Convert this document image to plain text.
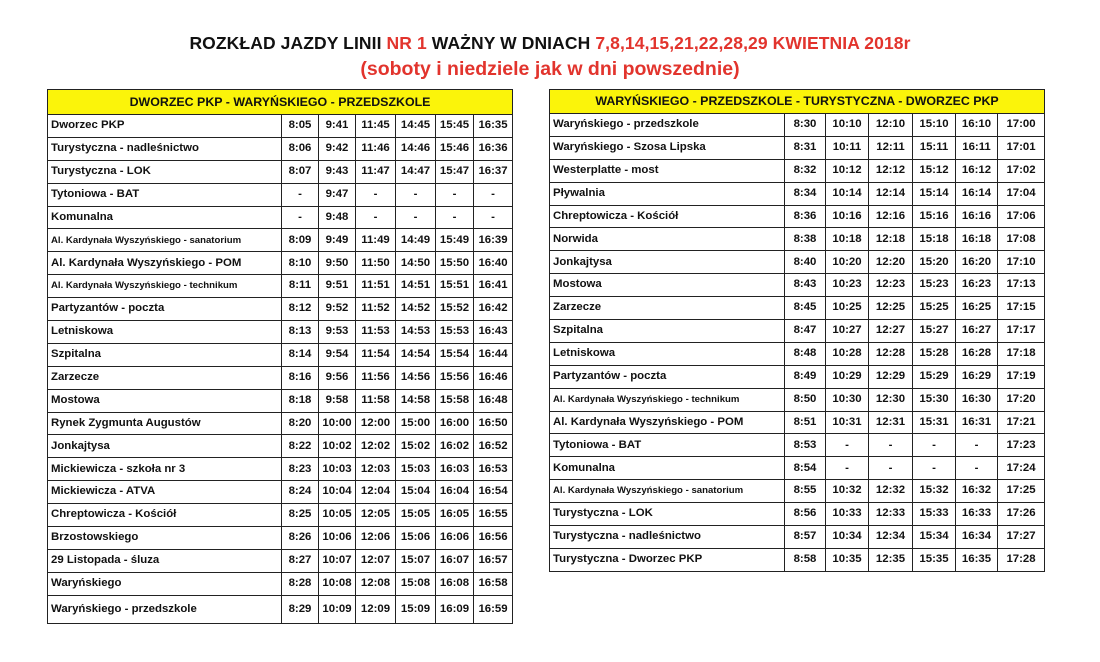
ROZKŁAD JAZDY LINII NR 1 WAŻNY W DNIACH 7,8,14,15,21,22,28,29 KWIETNIA 2018r
(soboty i niedziele jak w dni powszednie)
DWORZEC PKP - WARYŃSKIEGO - PRZEDSZKOLE						
Dworzec PKP	8:05	9:41	11:45	14:45	15:45	16:35
Turystyczna - nadleśnictwo	8:06	9:42	11:46	14:46	15:46	16:36
Turystyczna - LOK	8:07	9:43	11:47	14:47	15:47	16:37
Tytoniowa - BAT	-	9:47	-	-	-	-
Komunalna	-	9:48	-	-	-	-
Al. Kardynała Wyszyńskiego - sanatorium	8:09	9:49	11:49	14:49	15:49	16:39
Al. Kardynała Wyszyńskiego - POM	8:10	9:50	11:50	14:50	15:50	16:40
Al. Kardynała Wyszyńskiego - technikum	8:11	9:51	11:51	14:51	15:51	16:41
Partyzantów - poczta	8:12	9:52	11:52	14:52	15:52	16:42
Letniskowa	8:13	9:53	11:53	14:53	15:53	16:43
Szpitalna	8:14	9:54	11:54	14:54	15:54	16:44
Zarzecze	8:16	9:56	11:56	14:56	15:56	16:46
Mostowa	8:18	9:58	11:58	14:58	15:58	16:48
Rynek Zygmunta Augustów	8:20	10:00	12:00	15:00	16:00	16:50
Jonkajtysa	8:22	10:02	12:02	15:02	16:02	16:52
Mickiewicza - szkoła nr 3	8:23	10:03	12:03	15:03	16:03	16:53
Mickiewicza - ATVA	8:24	10:04	12:04	15:04	16:04	16:54
Chreptowicza - Kościół	8:25	10:05	12:05	15:05	16:05	16:55
Brzostowskiego	8:26	10:06	12:06	15:06	16:06	16:56
29 Listopada - śluza	8:27	10:07	12:07	15:07	16:07	16:57
Waryńskiego	8:28	10:08	12:08	15:08	16:08	16:58
Waryńskiego - przedszkole	8:29	10:09	12:09	15:09	16:09	16:59
WARYŃSKIEGO - PRZEDSZKOLE - TURYSTYCZNA - DWORZEC PKP						
Waryńskiego - przedszkole	8:30	10:10	12:10	15:10	16:10	17:00
Waryńskiego - Szosa Lipska	8:31	10:11	12:11	15:11	16:11	17:01
Westerplatte - most	8:32	10:12	12:12	15:12	16:12	17:02
Pływalnia	8:34	10:14	12:14	15:14	16:14	17:04
Chreptowicza - Kościół	8:36	10:16	12:16	15:16	16:16	17:06
Norwida	8:38	10:18	12:18	15:18	16:18	17:08
Jonkajtysa	8:40	10:20	12:20	15:20	16:20	17:10
Mostowa	8:43	10:23	12:23	15:23	16:23	17:13
Zarzecze	8:45	10:25	12:25	15:25	16:25	17:15
Szpitalna	8:47	10:27	12:27	15:27	16:27	17:17
Letniskowa	8:48	10:28	12:28	15:28	16:28	17:18
Partyzantów - poczta	8:49	10:29	12:29	15:29	16:29	17:19
Al. Kardynała Wyszyńskiego - technikum	8:50	10:30	12:30	15:30	16:30	17:20
Al. Kardynała Wyszyńskiego - POM	8:51	10:31	12:31	15:31	16:31	17:21
Tytoniowa - BAT	8:53	-	-	-	-	17:23
Komunalna	8:54	-	-	-	-	17:24
Al. Kardynała Wyszyńskiego - sanatorium	8:55	10:32	12:32	15:32	16:32	17:25
Turystyczna - LOK	8:56	10:33	12:33	15:33	16:33	17:26
Turystyczna - nadleśnictwo	8:57	10:34	12:34	15:34	16:34	17:27
Turystyczna - Dworzec PKP	8:58	10:35	12:35	15:35	16:35	17:28
